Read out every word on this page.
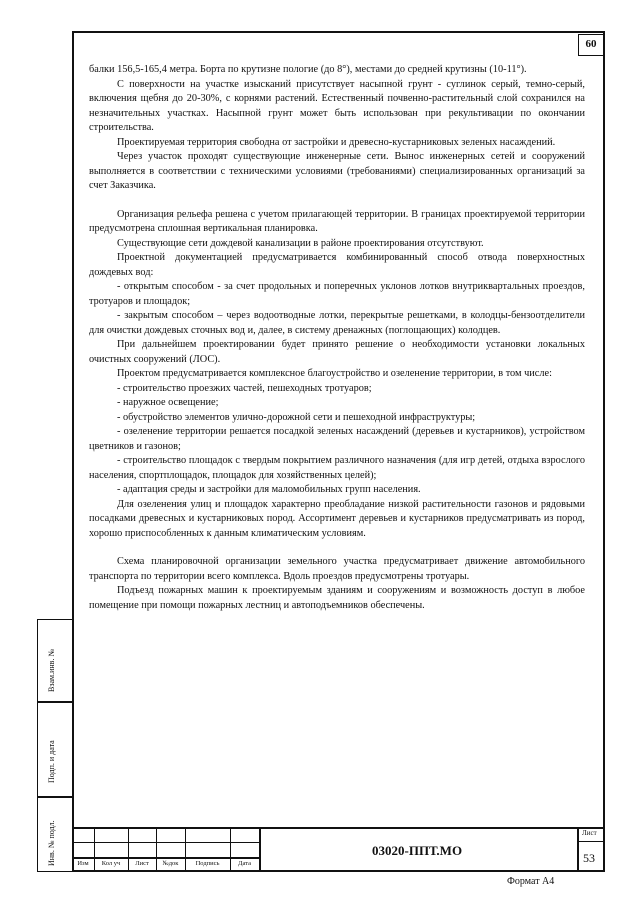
60

балки 156,5-165,4 метра. Борта по крутизне пологие (до 8°), местами до средней крутизны (10-11°).

С поверхности на участке изысканий присутствует насыпной грунт - суглинок серый, темно-серый, включения щебня до 20-30%, с корнями растений. Естественный почвенно-растительный слой сохранился на незначительных участках. Насыпной грунт может быть использован при рекультивации по окончании строительства.

Проектируемая территория свободна от застройки и древесно-кустарниковых зеленых насаждений.

Через участок проходят существующие инженерные сети. Вынос инженерных сетей и сооружений выполняется в соответствии с техническими условиями (требованиями) специализированных организаций за счет Заказчика.

Организация рельефа решена с учетом прилагающей территории. В границах проектируемой территории предусмотрена сплошная вертикальная планировка.

Существующие сети дождевой канализации в районе проектирования отсутствуют.

Проектной документацией предусматривается комбинированный способ отвода поверхностных дождевых вод:

- открытым способом - за счет продольных и поперечных уклонов лотков внутриквартальных проездов, тротуаров и площадок;

- закрытым способом – через водоотводные лотки, перекрытые решетками, в колодцы-бензоотделители для очистки дождевых сточных вод и, далее, в систему дренажных (поглощающих) колодцев.

При дальнейшем проектировании будет принято решение о необходимости установки локальных очистных сооружений (ЛОС).

Проектом предусматривается комплексное благоустройство и озеленение территории, в том числе:

- строительство проезжих частей, пешеходных тротуаров;

- наружное освещение;

- обустройство элементов улично-дорожной сети и пешеходной инфраструктуры;

- озеленение территории решается посадкой зеленых насаждений (деревьев и кустарников), устройством цветников и газонов;

- строительство площадок с твердым покрытием различного назначения (для игр детей, отдыха взрослого населения, спортплощадок, площадок для хозяйственных целей);

- адаптация среды и застройки для маломобильных групп населения.

Для озеленения улиц и площадок характерно преобладание низкой растительности газонов и рядовыми посадками древесных и кустарниковых пород. Ассортимент деревьев и кустарников предусматривать из пород, хорошо приспособленных к данным климатическим условиям.

Схема планировочной организации земельного участка предусматривает движение автомобильного транспорта по территории всего комплекса. Вдоль проездов предусмотрены тротуары.

Подъезд пожарных машин к проектируемым зданиям и сооружениям и возможность доступ в любое помещение при помощи пожарных лестниц и автоподъемников обеспечены.

Взам.инв. №
Подп. и дата
Инв. № подл.	Изм	Кол уч	Лист	№док	Подпись	Дата
03020-ППТ.МО
Лист
53
Формат А4
